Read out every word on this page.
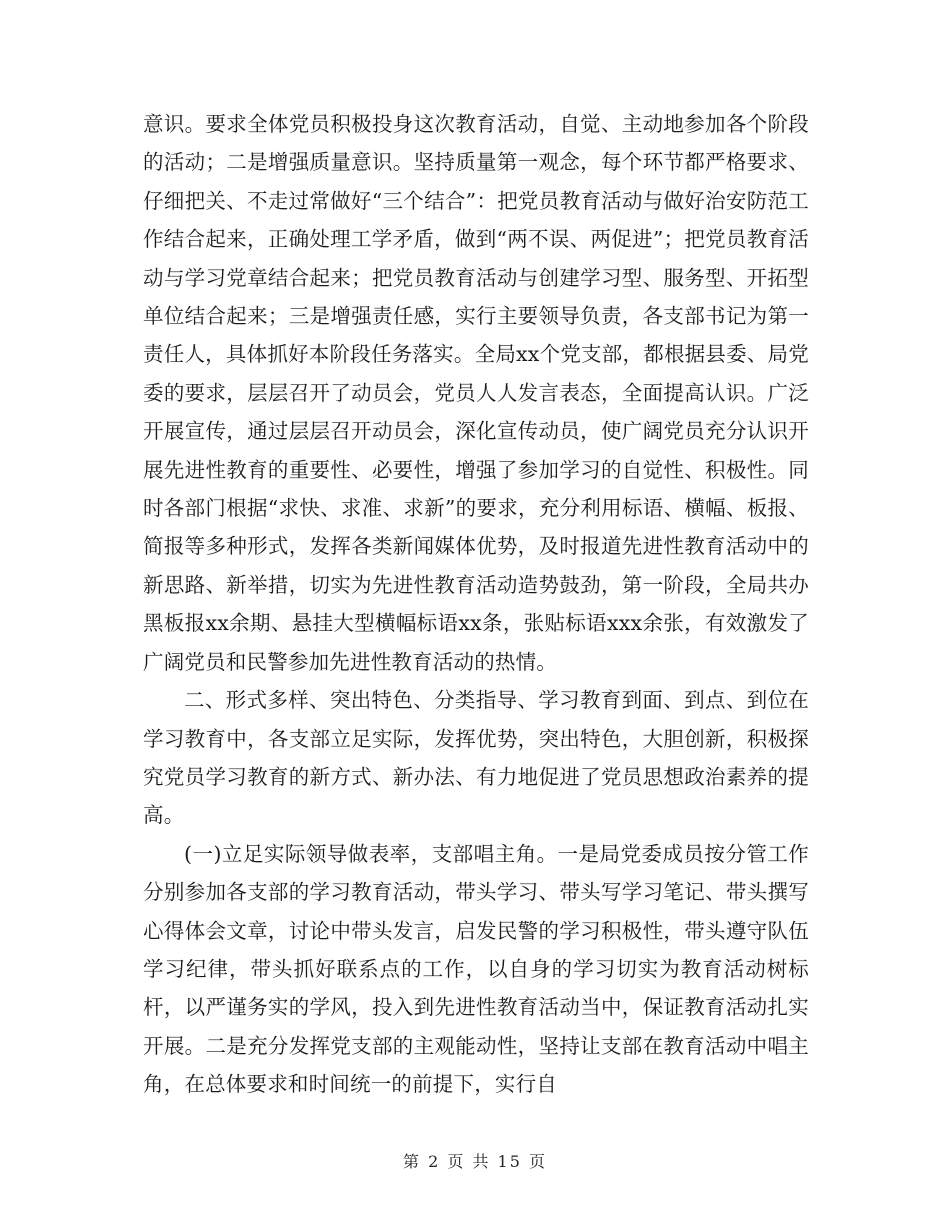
意识。要求全体党员积极投身这次教育活动，自觉、主动地参加各个阶段的活动；二是增强质量意识。坚持质量第一观念，每个环节都严格要求、仔细把关、不走过常做好“三个结合”：把党员教育活动与做好治安防范工作结合起来，正确处理工学矛盾，做到“两不误、两促进”；把党员教育活动与学习党章结合起来；把党员教育活动与创建学习型、服务型、开拓型单位结合起来；三是增强责任感，实行主要领导负责，各支部书记为第一责任人，具体抓好本阶段任务落实。全局xx个党支部，都根据县委、局党委的要求，层层召开了动员会，党员人人发言表态，全面提高认识。广泛开展宣传，通过层层召开动员会，深化宣传动员，使广阔党员充分认识开展先进性教育的重要性、必要性，增强了参加学习的自觉性、积极性。同时各部门根据“求快、求准、求新”的要求，充分利用标语、横幅、板报、简报等多种形式，发挥各类新闻媒体优势，及时报道先进性教育活动中的新思路、新举措，切实为先进性教育活动造势鼓劲，第一阶段，全局共办黑板报xx余期、悬挂大型横幅标语xx条，张贴标语xxx余张，有效激发了广阔党员和民警参加先进性教育活动的热情。

二、形式多样、突出特色、分类指导、学习教育到面、到点、到位在学习教育中，各支部立足实际，发挥优势，突出特色，大胆创新，积极探究党员学习教育的新方式、新办法、有力地促进了党员思想政治素养的提高。

(一)立足实际领导做表率，支部唱主角。一是局党委成员按分管工作分别参加各支部的学习教育活动，带头学习、带头写学习笔记、带头撰写心得体会文章，讨论中带头发言，启发民警的学习积极性，带头遵守队伍学习纪律，带头抓好联系点的工作，以自身的学习切实为教育活动树标杆，以严谨务实的学风，投入到先进性教育活动当中，保证教育活动扎实开展。二是充分发挥党支部的主观能动性，坚持让支部在教育活动中唱主角，在总体要求和时间统一的前提下，实行自

第 2 页 共 15 页
